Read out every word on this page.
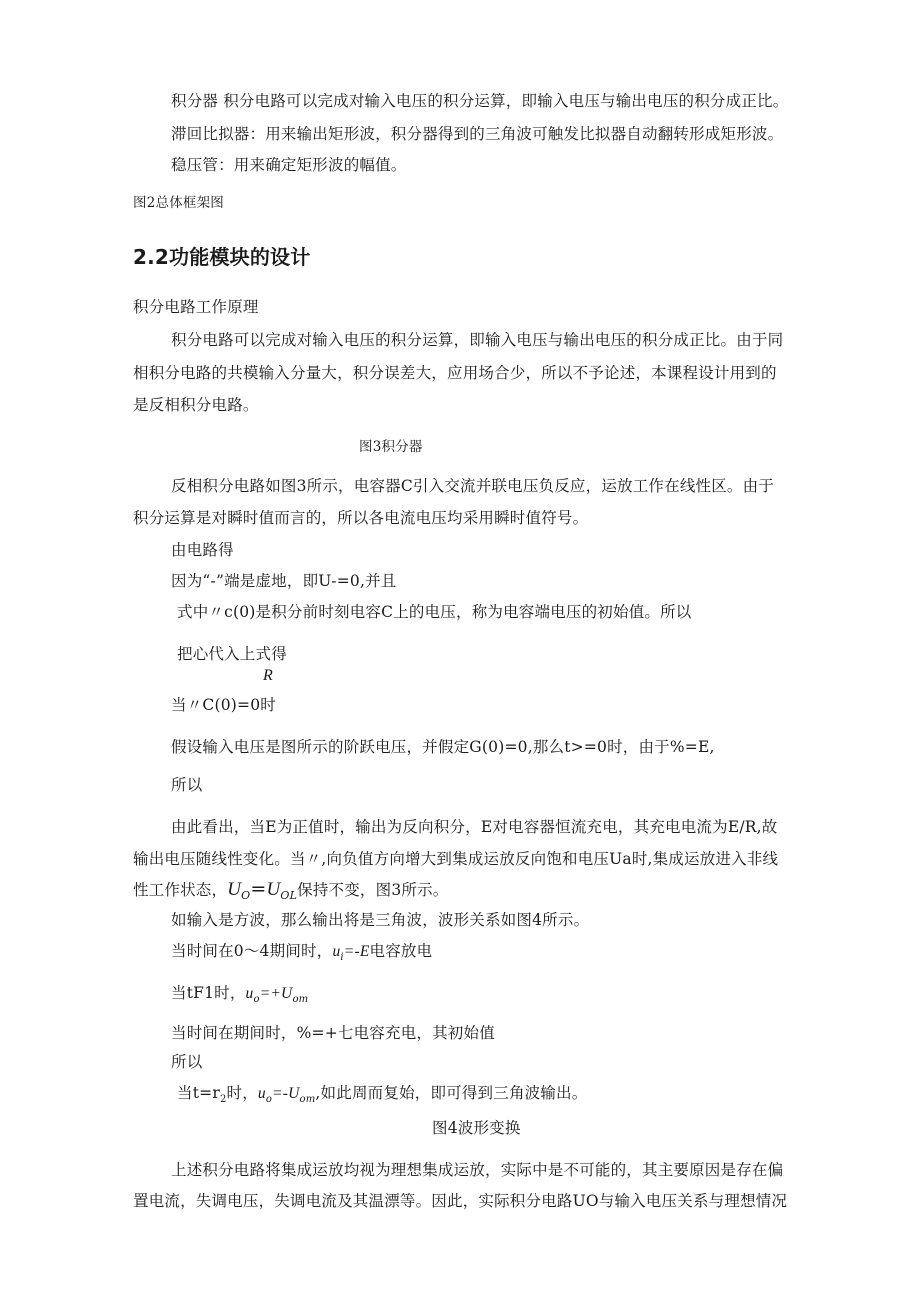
积分器 积分电路可以完成对输入电压的积分运算，即输入电压与输出电压的积分成正比。
滞回比拟器：用来输出矩形波，积分器得到的三角波可触发比拟器自动翻转形成矩形波。
稳压管：用来确定矩形波的幅值。
图2总体框架图
2.2功能模块的设计
积分电路工作原理
积分电路可以完成对输入电压的积分运算，即输入电压与输出电压的积分成正比。由于同
相积分电路的共模输入分量大，积分误差大，应用场合少，所以不予论述，本课程设计用到的
是反相积分电路。
图3积分器
反相积分电路如图3所示，电容器C引入交流并联电压负反应，运放工作在线性区。由于
积分运算是对瞬时值而言的，所以各电流电压均采用瞬时值符号。
由电路得
因为“-”端是虚地，即U-=0,并且
式中〃c(0)是积分前时刻电容C上的电压，称为电容端电压的初始值。所以
把心代入上式得
R
当〃C(0)=0时
假设输入电压是图所示的阶跃电压，并假定G(0)=0,那么t>=0时，由于%=E,
所以
由此看出，当E为正值时，输出为反向积分，E对电容器恒流充电，其充电电流为E/R,故
输出电压随线性变化。当〃,向负值方向增大到集成运放反向饱和电压Ua时,集成运放进入非线
性工作状态，$U_O=U_{OL}$保持不变，图3所示。
如输入是方波，那么输出将是三角波，波形关系如图4所示。
当时间在0～4期间时，$u_i=-E$电容放电
当tF1时，$u_o=+U_{om}$
当时间在期间时，%=+七电容充电，其初始值
所以
当$t=r_2$时，$u_o=-U_{om}$,如此周而复始，即可得到三角波输出。
图4波形变换
上述积分电路将集成运放均视为理想集成运放，实际中是不可能的，其主要原因是存在偏
置电流，失调电压，失调电流及其温漂等。因此，实际积分电路UO与输入电压关系与理想情况
